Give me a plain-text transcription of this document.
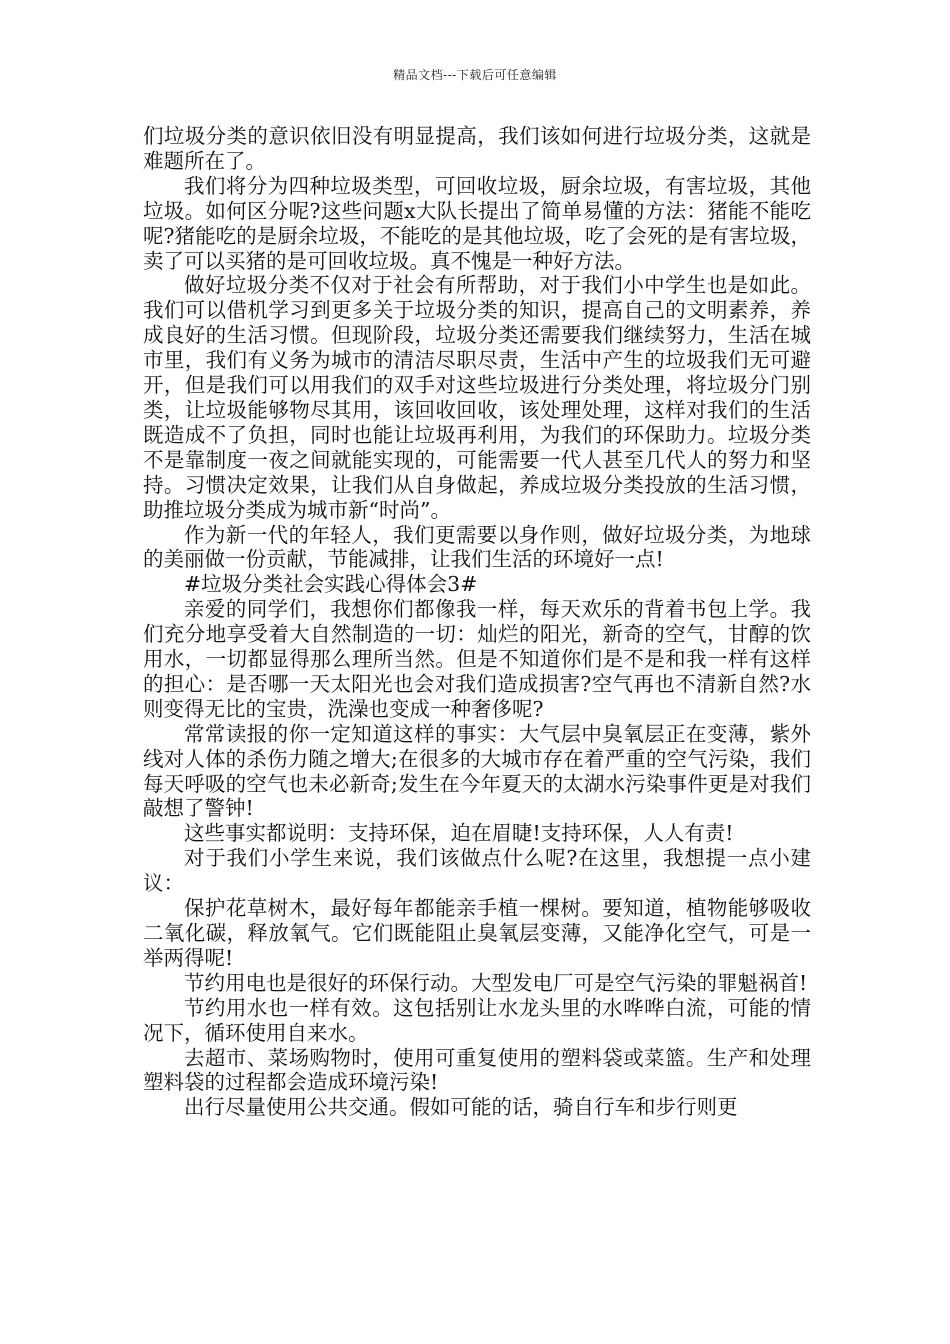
精品文档---下载后可任意编辑

们垃圾分类的意识依旧没有明显提高，我们该如何进行垃圾分类，这就是难题所在了。

我们将分为四种垃圾类型，可回收垃圾，厨余垃圾，有害垃圾，其他垃圾。如何区分呢?这些问题x大队长提出了简单易懂的方法：猪能不能吃呢?猪能吃的是厨余垃圾，不能吃的是其他垃圾，吃了会死的是有害垃圾，卖了可以买猪的是可回收垃圾。真不愧是一种好方法。

做好垃圾分类不仅对于社会有所帮助，对于我们小中学生也是如此。我们可以借机学习到更多关于垃圾分类的知识，提高自己的文明素养，养成良好的生活习惯。但现阶段，垃圾分类还需要我们继续努力，生活在城市里，我们有义务为城市的清洁尽职尽责，生活中产生的垃圾我们无可避开，但是我们可以用我们的双手对这些垃圾进行分类处理，将垃圾分门别类，让垃圾能够物尽其用，该回收回收，该处理处理，这样对我们的生活既造成不了负担，同时也能让垃圾再利用，为我们的环保助力。垃圾分类不是靠制度一夜之间就能实现的，可能需要一代人甚至几代人的努力和坚持。习惯决定效果，让我们从自身做起，养成垃圾分类投放的生活习惯，助推垃圾分类成为城市新“时尚”。

作为新一代的年轻人，我们更需要以身作则，做好垃圾分类，为地球的美丽做一份贡献，节能减排，让我们生活的环境好一点!

#垃圾分类社会实践心得体会3#

亲爱的同学们，我想你们都像我一样，每天欢乐的背着书包上学。我们充分地享受着大自然制造的一切：灿烂的阳光，新奇的空气，甘醇的饮用水，一切都显得那么理所当然。但是不知道你们是不是和我一样有这样的担心：是否哪一天太阳光也会对我们造成损害?空气再也不清新自然?水则变得无比的宝贵，洗澡也变成一种奢侈呢?

常常读报的你一定知道这样的事实：大气层中臭氧层正在变薄，紫外线对人体的杀伤力随之增大;在很多的大城市存在着严重的空气污染，我们每天呼吸的空气也未必新奇;发生在今年夏天的太湖水污染事件更是对我们敲想了警钟!

这些事实都说明：支持环保，迫在眉睫!支持环保，人人有责!

对于我们小学生来说，我们该做点什么呢?在这里，我想提一点小建议：

保护花草树木，最好每年都能亲手植一棵树。要知道，植物能够吸收二氧化碳，释放氧气。它们既能阻止臭氧层变薄，又能净化空气，可是一举两得呢!

节约用电也是很好的环保行动。大型发电厂可是空气污染的罪魁祸首!

节约用水也一样有效。这包括别让水龙头里的水哗哗白流，可能的情况下，循环使用自来水。

去超市、菜场购物时，使用可重复使用的塑料袋或菜篮。生产和处理塑料袋的过程都会造成环境污染!

出行尽量使用公共交通。假如可能的话，骑自行车和步行则更
